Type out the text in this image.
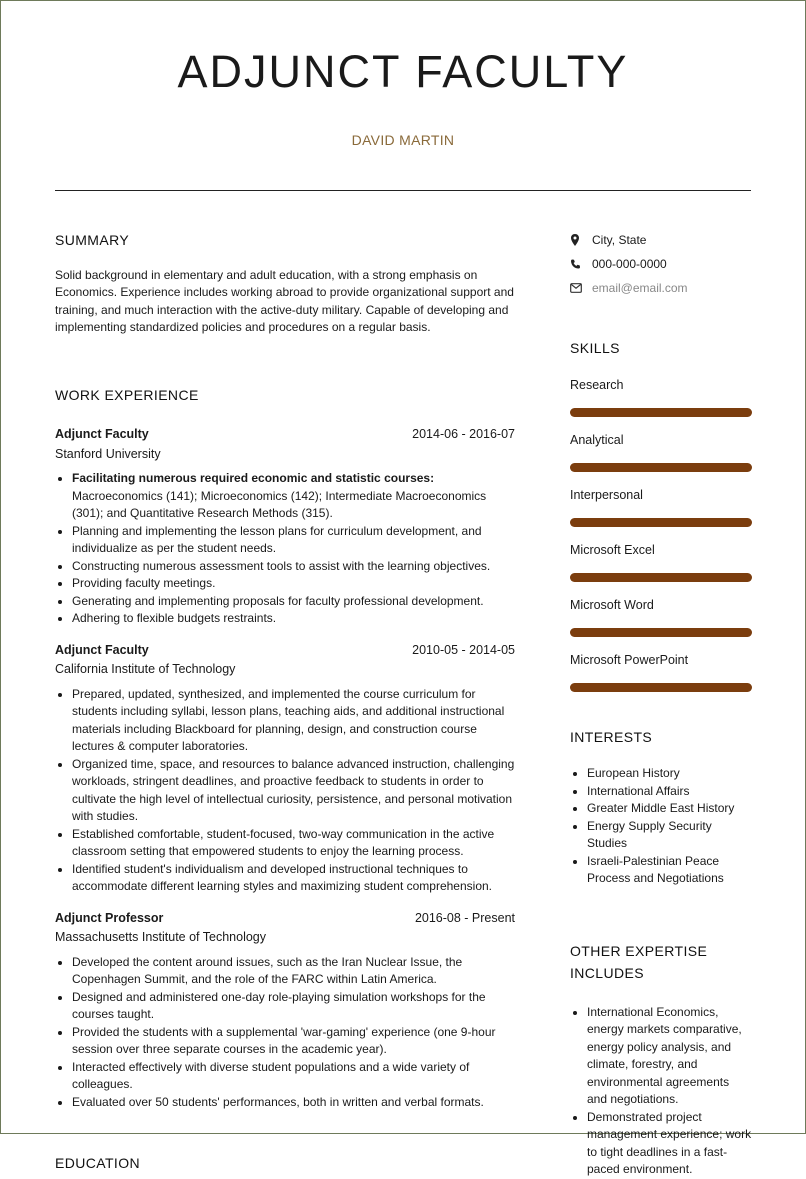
ADJUNCT FACULTY
DAVID MARTIN
SUMMARY
Solid background in elementary and adult education, with a strong emphasis on Economics. Experience includes working abroad to provide organizational support and training, and much interaction with the active-duty military. Capable of developing and implementing standardized policies and procedures on a regular basis.
WORK EXPERIENCE
Adjunct Faculty	2014-06 - 2016-07
Stanford University
• Facilitating numerous required economic and statistic courses: Macroeconomics (141); Microeconomics (142); Intermediate Macroeconomics (301); and Quantitative Research Methods (315).
• Planning and implementing the lesson plans for curriculum development, and individualize as per the student needs.
• Constructing numerous assessment tools to assist with the learning objectives.
• Providing faculty meetings.
• Generating and implementing proposals for faculty professional development.
• Adhering to flexible budgets restraints.
Adjunct Faculty	2010-05 - 2014-05
California Institute of Technology
• Prepared, updated, synthesized, and implemented the course curriculum for students including syllabi, lesson plans, teaching aids, and additional instructional materials including Blackboard for planning, design, and construction course lectures & computer laboratories.
• Organized time, space, and resources to balance advanced instruction, challenging workloads, stringent deadlines, and proactive feedback to students in order to cultivate the high level of intellectual curiosity, persistence, and personal motivation with studies.
• Established comfortable, student-focused, two-way communication in the active classroom setting that empowered students to enjoy the learning process.
• Identified student's individualism and developed instructional techniques to accommodate different learning styles and maximizing student comprehension.
Adjunct Professor	2016-08 - Present
Massachusetts Institute of Technology
• Developed the content around issues, such as the Iran Nuclear Issue, the Copenhagen Summit, and the role of the FARC within Latin America.
• Designed and administered one-day role-playing simulation workshops for the courses taught.
• Provided the students with a supplemental 'war-gaming' experience (one 9-hour session over three separate courses in the academic year).
• Interacted effectively with diverse student populations and a wide variety of colleagues.
• Evaluated over 50 students' performances, both in written and verbal formats.
EDUCATION
City, State
000-000-0000
email@email.com
SKILLS
Research
Analytical
Interpersonal
Microsoft Excel
Microsoft Word
Microsoft PowerPoint
INTERESTS
• European History
• International Affairs
• Greater Middle East History
• Energy Supply Security Studies
• Israeli-Palestinian Peace Process and Negotiations
OTHER EXPERTISE INCLUDES
• International Economics, energy markets comparative, energy policy analysis, and climate, forestry, and environmental agreements and negotiations.
• Demonstrated project management experience; work to tight deadlines in a fast-paced environment.
